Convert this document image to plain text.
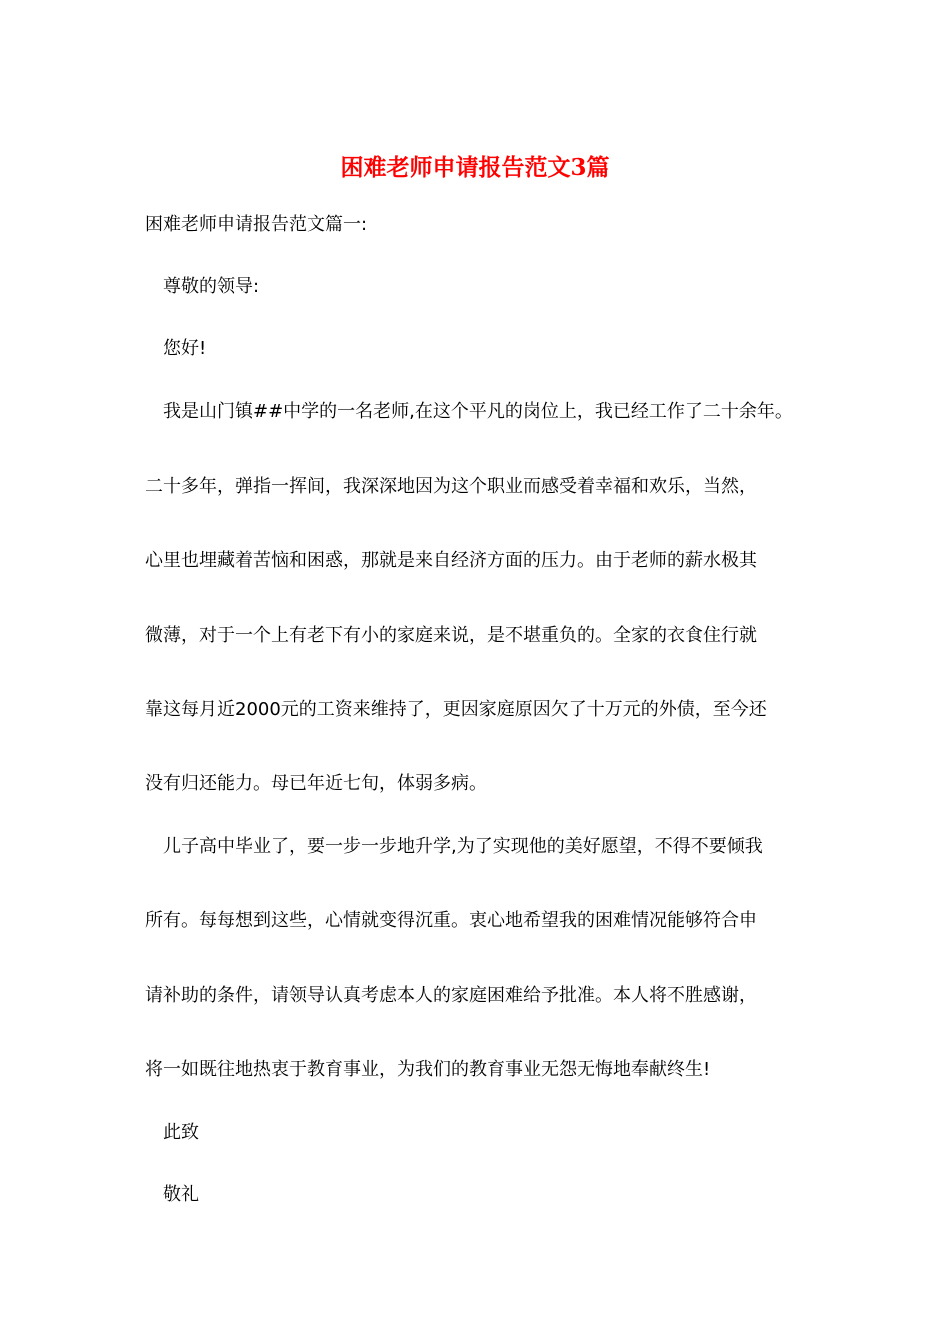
困难老师申请报告范文3篇
困难老师申请报告范文篇一:
尊敬的领导:
您好!
我是山门镇##中学的一名老师,在这个平凡的岗位上，我已经工作了二十余年。
二十多年，弹指一挥间，我深深地因为这个职业而感受着幸福和欢乐，当然，
心里也埋藏着苦恼和困惑，那就是来自经济方面的压力。由于老师的薪水极其
微薄，对于一个上有老下有小的家庭来说，是不堪重负的。全家的衣食住行就
靠这每月近2000元的工资来维持了，更因家庭原因欠了十万元的外债，至今还
没有归还能力。母已年近七旬，体弱多病。
儿子高中毕业了，要一步一步地升学,为了实现他的美好愿望，不得不要倾我
所有。每每想到这些，心情就变得沉重。衷心地希望我的困难情况能够符合申
请补助的条件，请领导认真考虑本人的家庭困难给予批准。本人将不胜感谢，
将一如既往地热衷于教育事业，为我们的教育事业无怨无悔地奉献终生!
此致
敬礼
